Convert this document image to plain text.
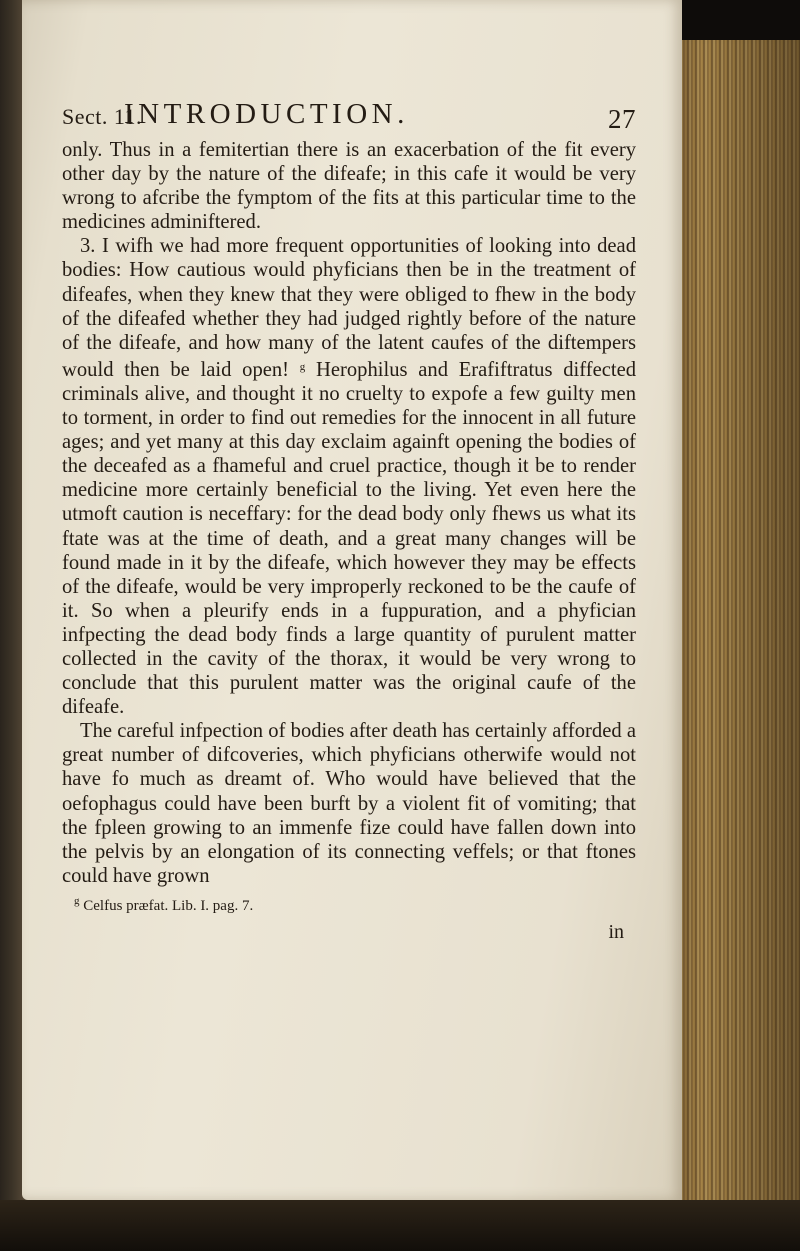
Sect. 11.
INTRODUCTION.	27

only. Thus in a femitertian there is an exacerbation of the fit every other day by the nature of the difeafe; in this cafe it would be very wrong to afcribe the fymptom of the fits at this particular time to the medicines adminiftered.

3. I wifh we had more frequent opportunities of looking into dead bodies: How cautious would phyficians then be in the treatment of difeafes, when they knew that they were obliged to fhew in the body of the difeafed whether they had judged rightly before of the nature of the difeafe, and how many of the latent caufes of the diftempers would then be laid open! $^g$ Herophilus and Erafiftratus diffected criminals alive, and thought it no cruelty to expofe a few guilty men to torment, in order to find out remedies for the innocent in all future ages; and yet many at this day exclaim againft opening the bodies of the deceafed as a fhameful and cruel practice, though it be to render medicine more certainly beneficial to the living. Yet even here the utmoft caution is neceffary: for the dead body only fhews us what its ftate was at the time of death, and a great many changes will be found made in it by the difeafe, which however they may be effects of the difeafe, would be very improperly reckoned to be the caufe of it. So when a pleurify ends in a fuppuration, and a phyfician infpecting the dead body finds a large quantity of purulent matter collected in the cavity of the thorax, it would be very wrong to conclude that this purulent matter was the original caufe of the difeafe.

The careful infpection of bodies after death has certainly afforded a great number of difcoveries, which phyficians otherwife would not have fo much as dreamt of. Who would have believed that the oefophagus could have been burft by a violent fit of vomiting; that the fpleen growing to an immenfe fize could have fallen down into the pelvis by an elongation of its connecting veffels; or that ftones could have grown

$^g$ Celfus præfat. Lib. I. pag. 7.
in
